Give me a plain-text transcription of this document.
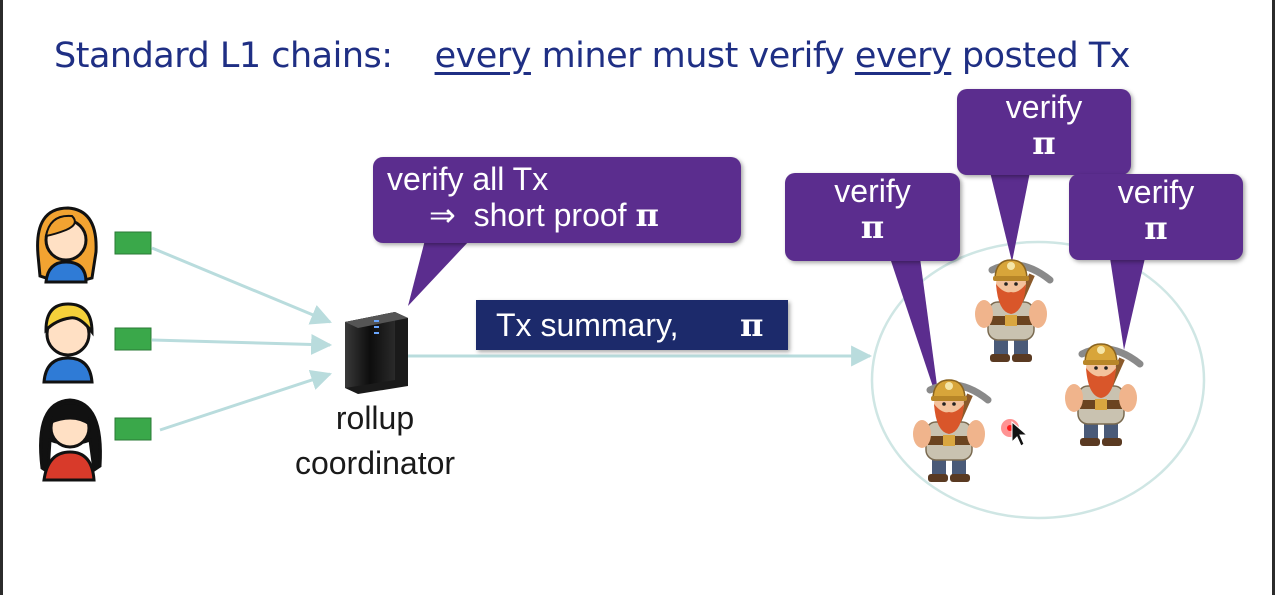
Standard L1 chains: every miner must verify every posted Tx
verify all Tx
⇒  short proof π
Tx summary, π
rollup
coordinator
verify
π
verify
π
verify
π
